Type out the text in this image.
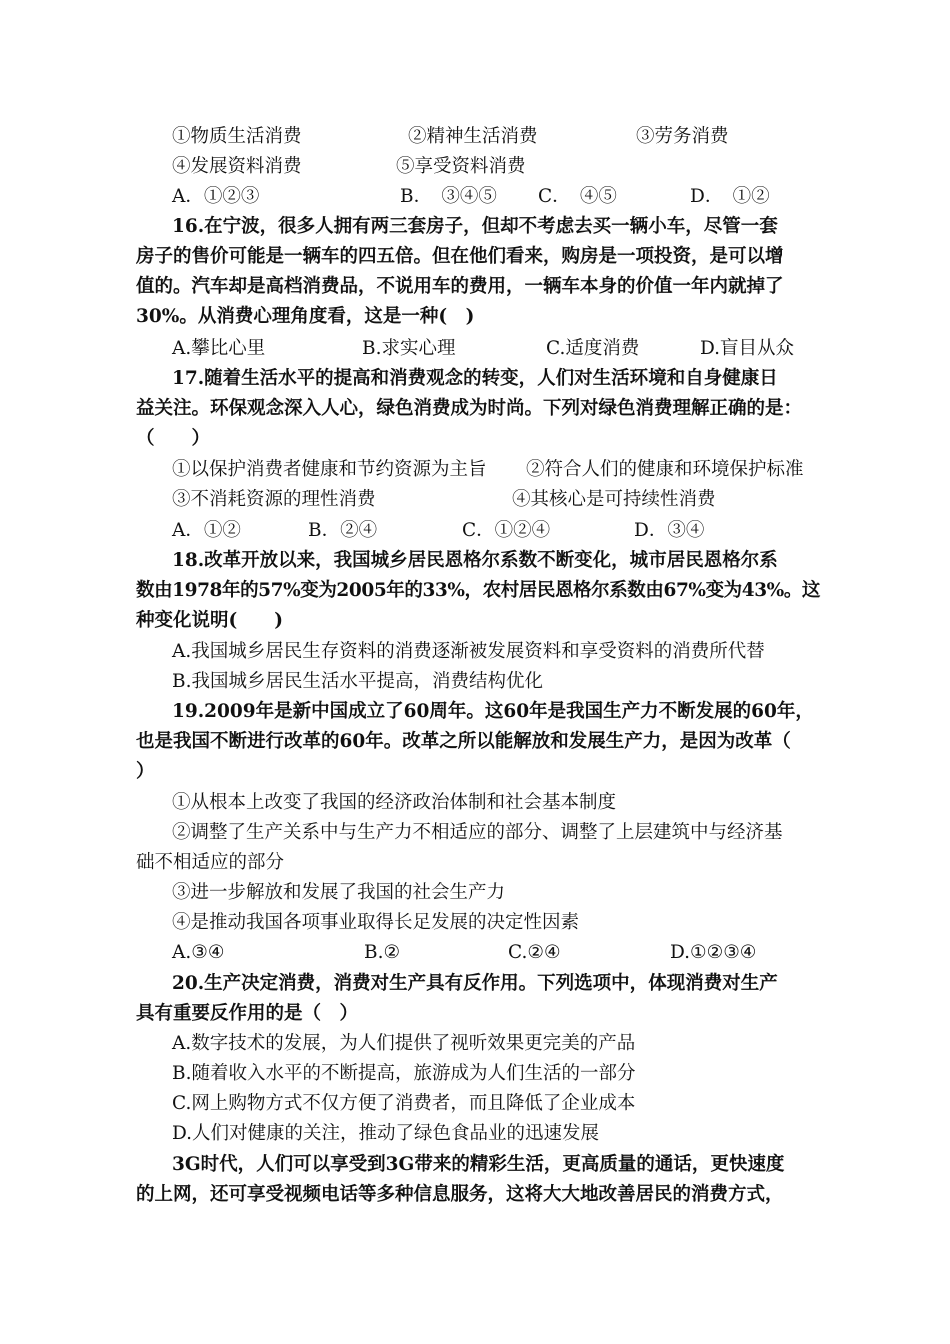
①物质生活消费	②精神生活消费	③劳务消费
④发展资料消费	⑤享受资料消费
A．①②③	B．　③④⑤ C．　④⑤	D．　①②
16.在宁波，很多人拥有两三套房子，但却不考虑去买一辆小车，尽管一套
房子的售价可能是一辆车的四五倍。但在他们看来，购房是一项投资，是可以增
值的。汽车却是高档消费品，不说用车的费用，一辆车本身的价值一年内就掉了
30%。从消费心理角度看，这是一种(　)
A.攀比心里	B.求实心理	C.适度消费	D.盲目从众
17.随着生活水平的提高和消费观念的转变，人们对生活环境和自身健康日
益关注。环保观念深入人心，绿色消费成为时尚。下列对绿色消费理解正确的是：
（　　）
①以保护消费者健康和节约资源为主旨 ②符合人们的健康和环境保护标准
③不消耗资源的理性消费	④其核心是可持续性消费
A．①②	B．②④	C．①②④	D．③④
18.改革开放以来，我国城乡居民恩格尔系数不断变化，城市居民恩格尔系
数由1978年的57%变为2005年的33%，农村居民恩格尔系数由67%变为43%。这
种变化说明(　　)
A.我国城乡居民生存资料的消费逐渐被发展资料和享受资料的消费所代替
B.我国城乡居民生活水平提高，消费结构优化
19.2009年是新中国成立了60周年。这60年是我国生产力不断发展的60年，
也是我国不断进行改革的60年。改革之所以能解放和发展生产力，是因为改革（
）
①从根本上改变了我国的经济政治体制和社会基本制度
②调整了生产关系中与生产力不相适应的部分、调整了上层建筑中与经济基
础不相适应的部分
③进一步解放和发展了我国的社会生产力
④是推动我国各项事业取得长足发展的决定性因素
A.③④	B.②	C.②④	D.①②③④
20.生产决定消费，消费对生产具有反作用。下列选项中，体现消费对生产
具有重要反作用的是（　）
A.数字技术的发展，为人们提供了视听效果更完美的产品
B.随着收入水平的不断提高，旅游成为人们生活的一部分
C.网上购物方式不仅方便了消费者，而且降低了企业成本
D.人们对健康的关注，推动了绿色食品业的迅速发展
3G时代，人们可以享受到3G带来的精彩生活，更高质量的通话，更快速度
的上网，还可享受视频电话等多种信息服务，这将大大地改善居民的消费方式，
